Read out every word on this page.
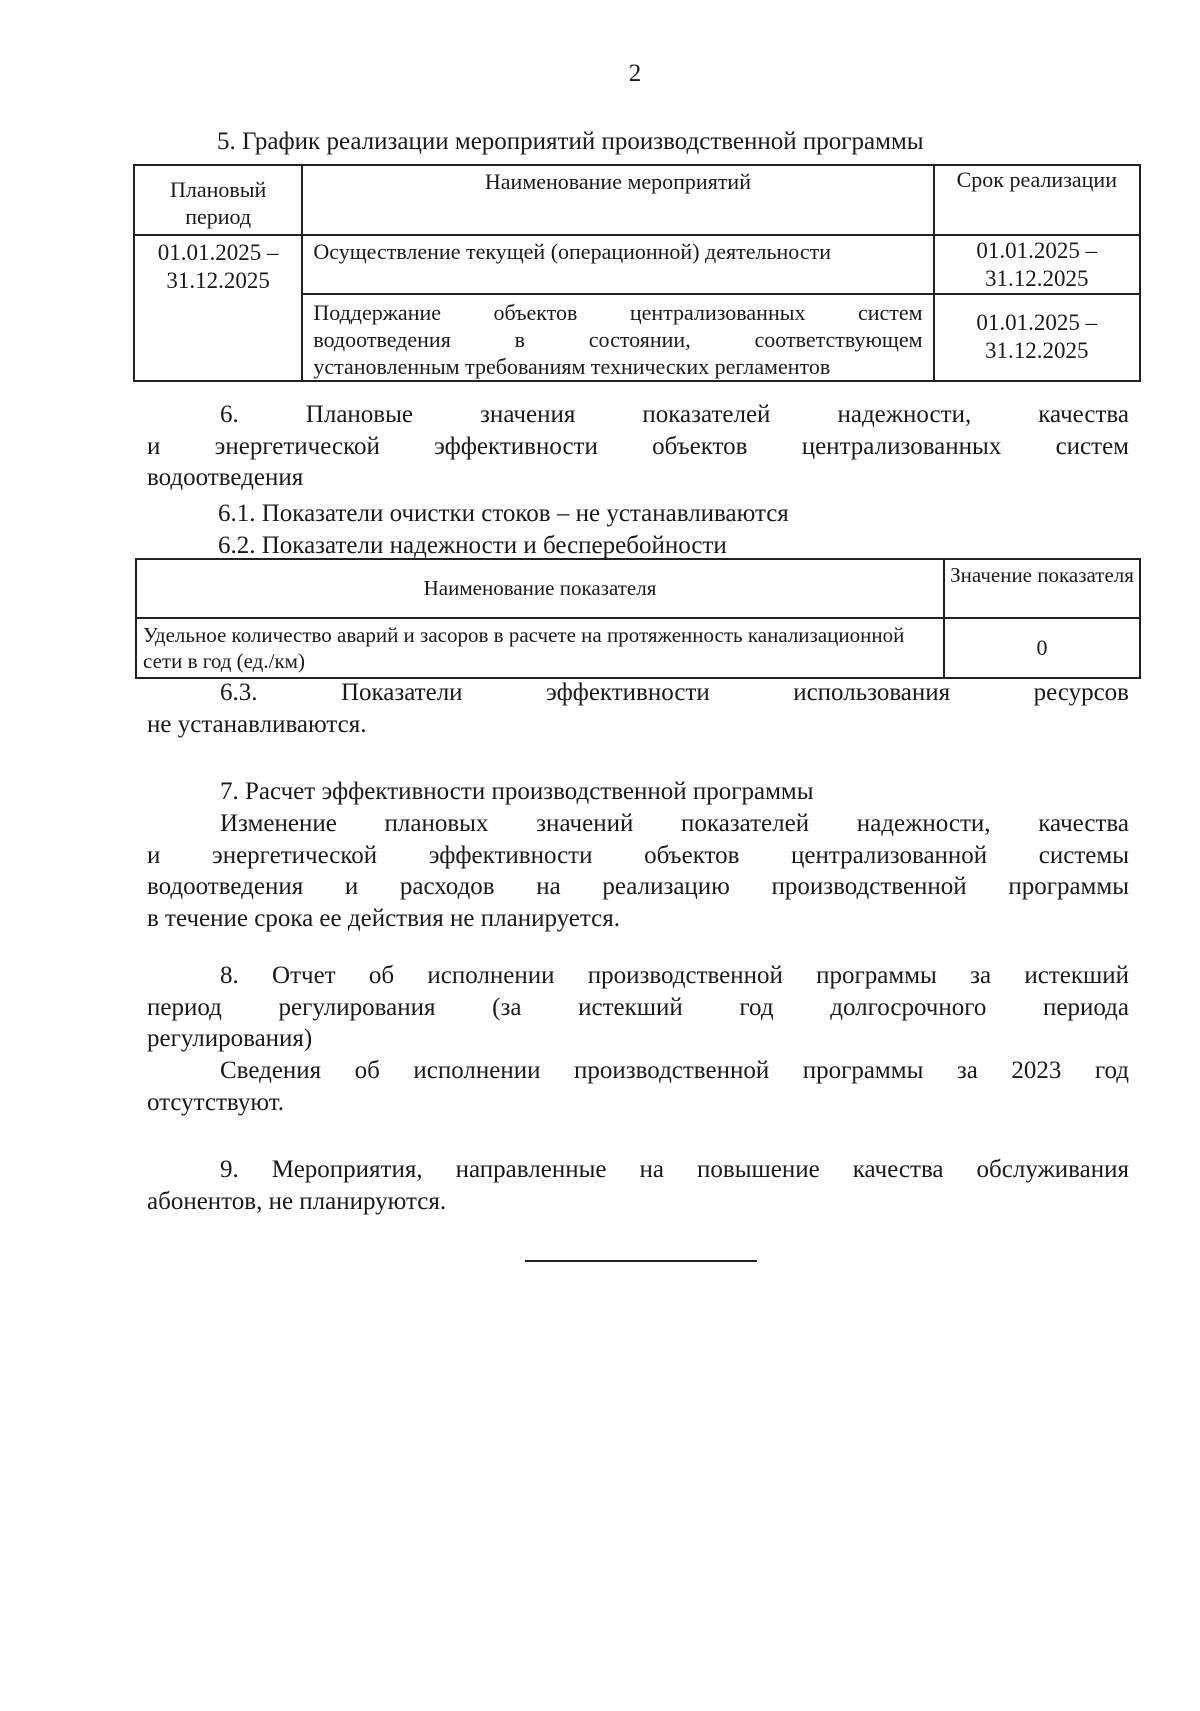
2
5. График реализации мероприятий производственной программы
Плановый период	Наименование мероприятий	Срок реализации
01.01.2025 – 31.12.2025	Осуществление текущей (операционной) деятельности	01.01.2025 – 31.12.2025

	Поддержание объектов централизованных систем
водоотведения в состоянии, соответствующем
установленным требованиям технических регламентов	01.01.2025 – 31.12.2025
6. Плановые значения показателей надежности, качества
и энергетической эффективности объектов централизованных систем
водоотведения
6.1. Показатели очистки стоков – не устанавливаются
6.2. Показатели надежности и бесперебойности
Наименование показателя	Значение показателя
Удельное количество аварий и засоров в расчете на протяженность канализационной сети в год (ед./км)	0
6.3. Показатели эффективности использования ресурсов
не устанавливаются.
7. Расчет эффективности производственной программы
Изменение плановых значений показателей надежности, качества
и энергетической эффективности объектов централизованной системы
водоотведения и расходов на реализацию производственной программы
в течение срока ее действия не планируется.
8. Отчет об исполнении производственной программы за истекший
период регулирования (за истекший год долгосрочного периода
регулирования)
Сведения об исполнении производственной программы за 2023 год
отсутствуют.
9. Мероприятия, направленные на повышение качества обслуживания
абонентов, не планируются.
